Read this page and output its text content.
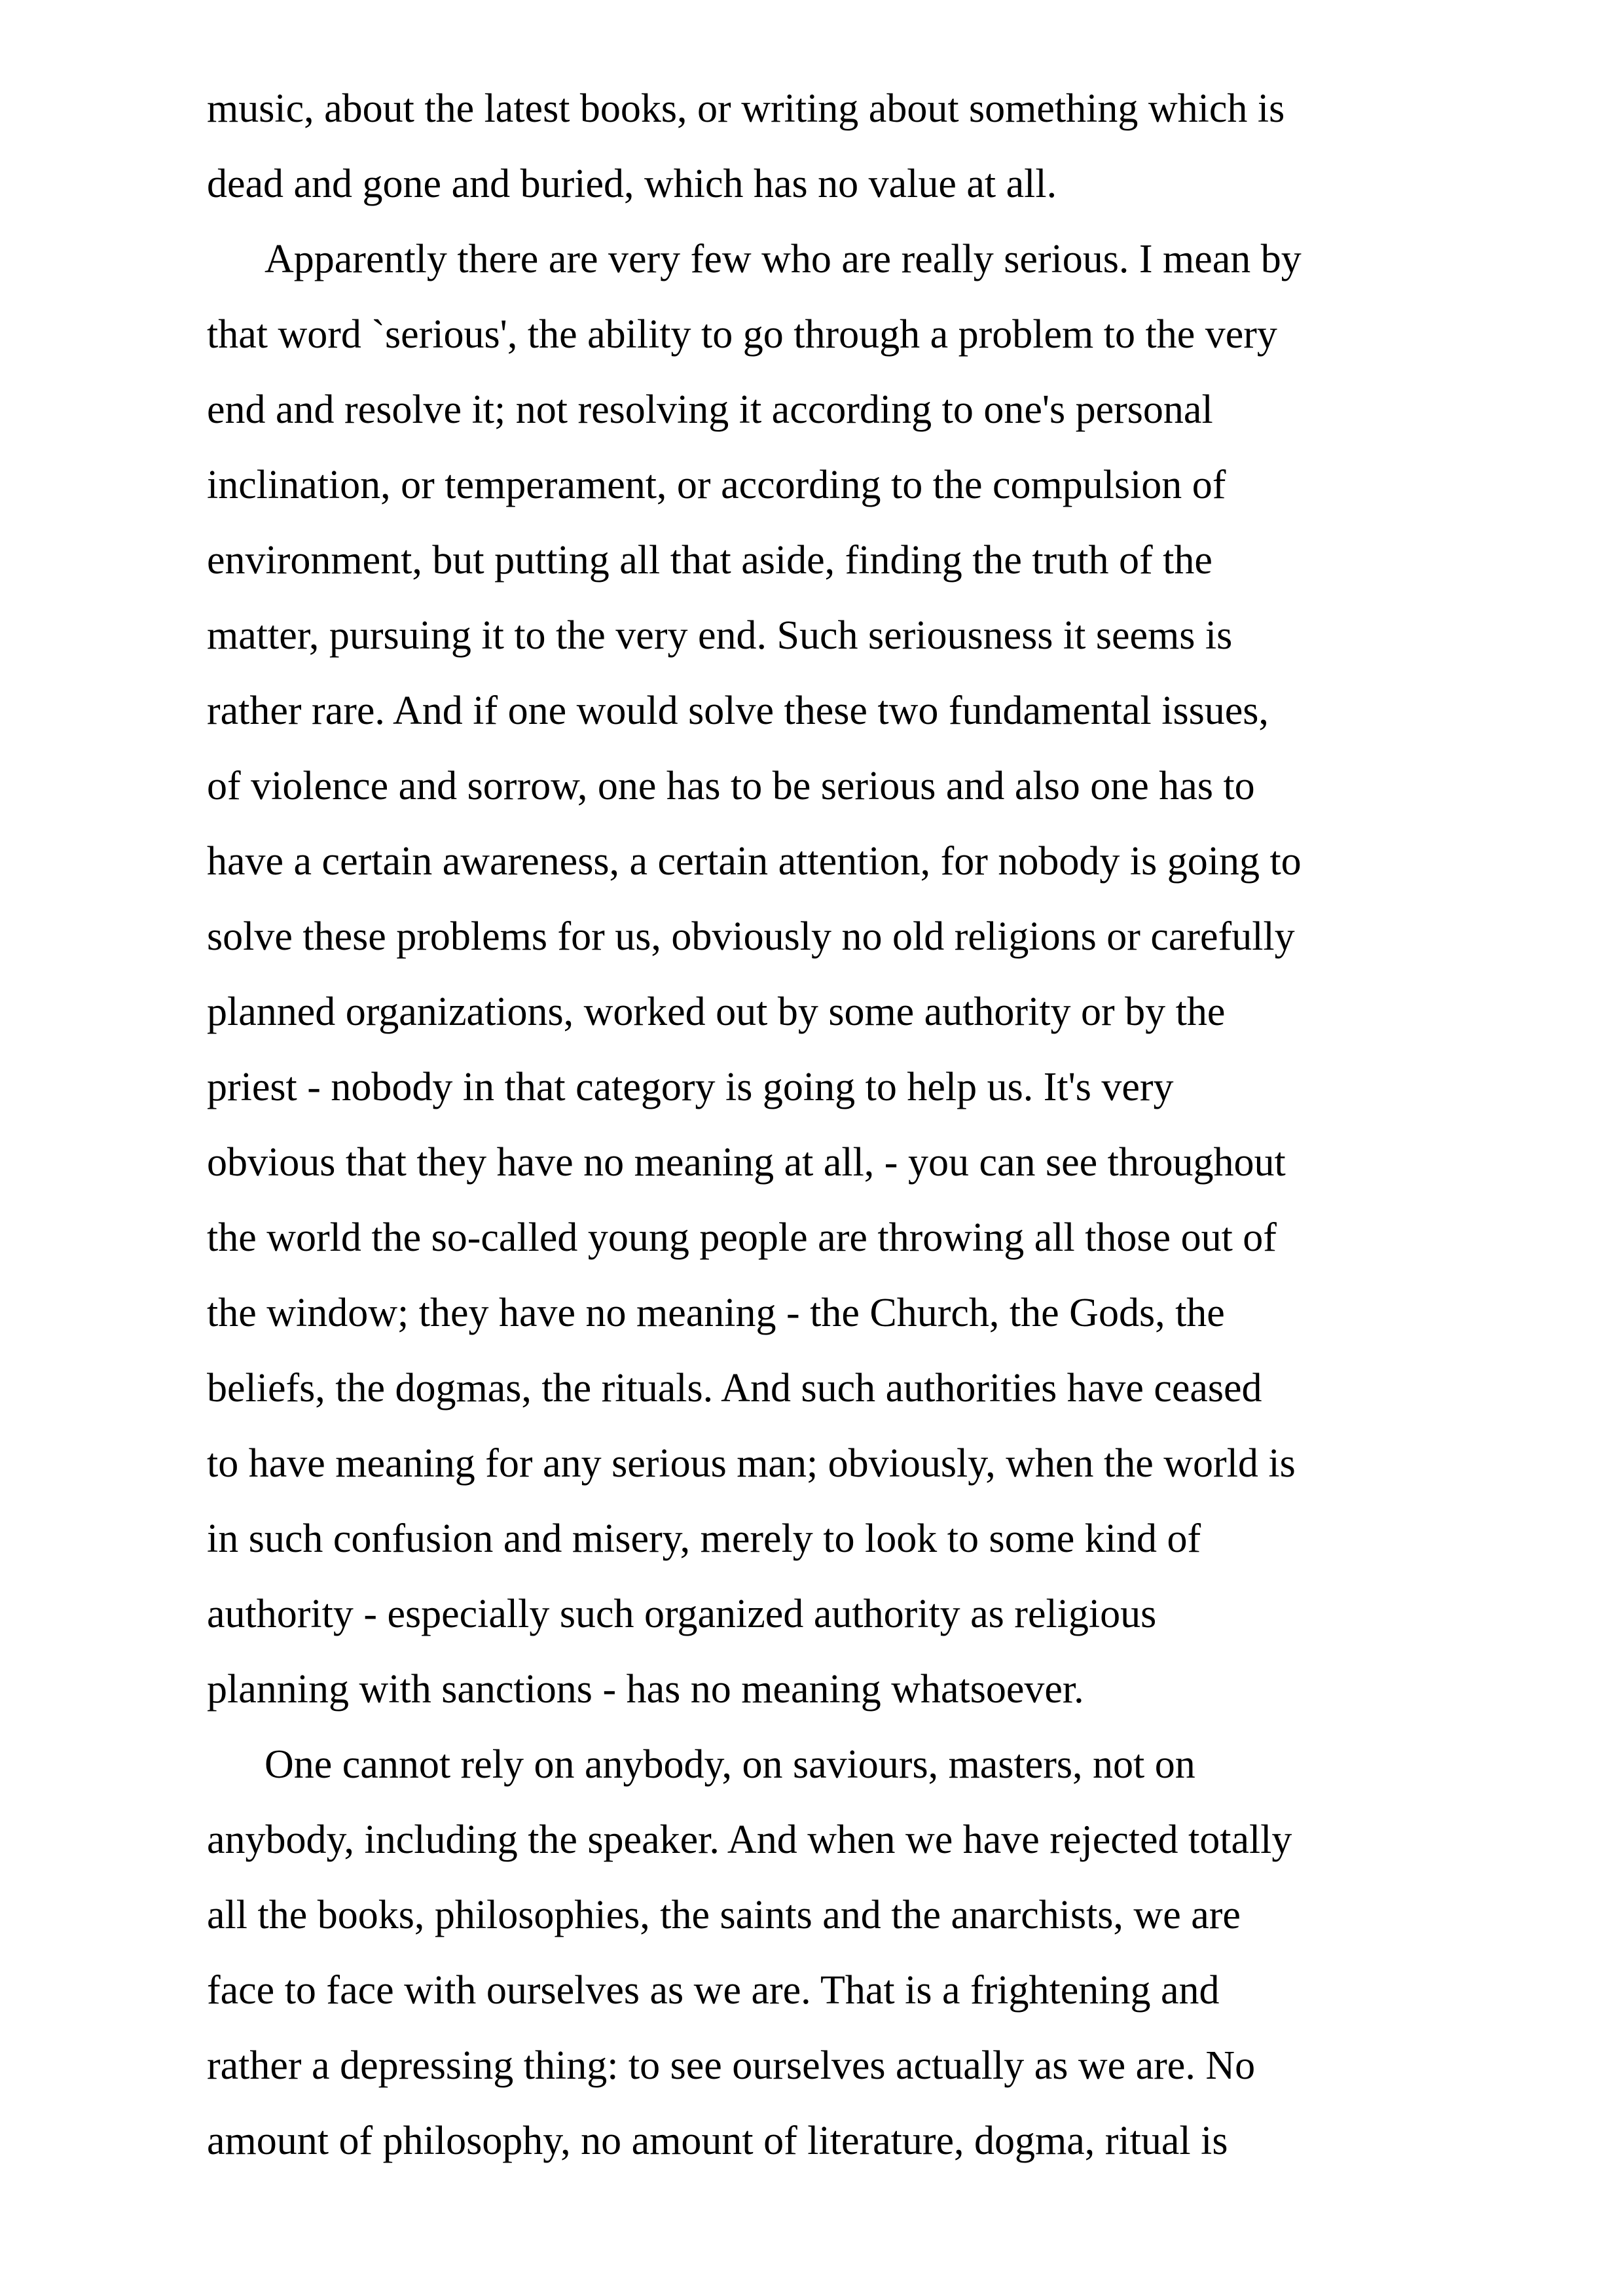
music, about the latest books, or writing about something which is
dead and gone and buried, which has no value at all.
Apparently there are very few who are really serious. I mean by
that word `serious', the ability to go through a problem to the very
end and resolve it; not resolving it according to one's personal
inclination, or temperament, or according to the compulsion of
environment, but putting all that aside, finding the truth of the
matter, pursuing it to the very end. Such seriousness it seems is
rather rare. And if one would solve these two fundamental issues,
of violence and sorrow, one has to be serious and also one has to
have a certain awareness, a certain attention, for nobody is going to
solve these problems for us, obviously no old religions or carefully
planned organizations, worked out by some authority or by the
priest - nobody in that category is going to help us. It's very
obvious that they have no meaning at all, - you can see throughout
the world the so-called young people are throwing all those out of
the window; they have no meaning - the Church, the Gods, the
beliefs, the dogmas, the rituals. And such authorities have ceased
to have meaning for any serious man; obviously, when the world is
in such confusion and misery, merely to look to some kind of
authority - especially such organized authority as religious
planning with sanctions - has no meaning whatsoever.
One cannot rely on anybody, on saviours, masters, not on
anybody, including the speaker. And when we have rejected totally
all the books, philosophies, the saints and the anarchists, we are
face to face with ourselves as we are. That is a frightening and
rather a depressing thing: to see ourselves actually as we are. No
amount of philosophy, no amount of literature, dogma, ritual is
